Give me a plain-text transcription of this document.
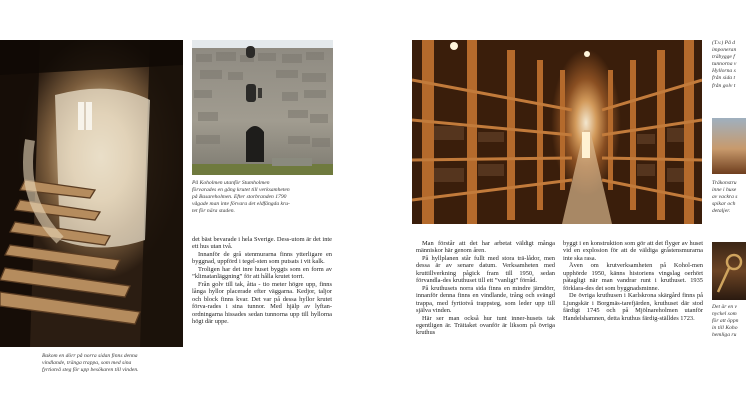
Bakom en dörr på norra sidan finns denna
vindlande, tränga trappa, som med sina
fyrtiotvå steg för upp besökaren till vinden.
På Koholmen utanför Stumholmen
förvarades en gång krutet till verksamheten
på Basareholmen. Efter storbranden 1790
vågade man inte förvara det eldfängda kru-
tet för nära staden.
(T.v.) På d
imponeran
träbygge f
tunnorna v
Hyllorna s
från sida t
från golv t
Träkonstru
inne i huse
av vackra s
spikar och
detaljer.
Det är en v
nyckel som
för att öppn
in till Koho
hemliga ru

det bäst bevarade i hela Sverige. Dess-utom är det inte ett hus utan två.

Innanför de grå stenmurarna finns ytterligare en byggnad, uppförd i tegel-sten som putsats i vit kalk.

Troligen har det inre huset byggts som en form av ”klimatanläggning” för att hålla krutet torrt.

Från golv till tak, åtta - tio meter högre upp, finns långa hyllor placerade efter väggarna. Kedjor, taljor och block finns kvar. Det var på dessa hyllor krutet förva-rades i sina tunnor. Med hjälp av lyftan-ordningarna hissades sedan tunnorna upp till hyllorna högt där uppe.

Man förstår att det har arbetat väldigt många människor här genom åren.

På hyllplanen står fullt med stora trä-lådor, men dessa är av senare datum. Verksamheten med kruttillverkning pågick fram till 1950, sedan förvandla-des kruthuset till ett ”vanligt” förråd.

På kruthusets norra sida finns en mindre järndörr, innanför denna finns en vindlande, trång och svängd trappa, med fyrtiotvå trappsteg, som leder upp till själva vinden.

Här ser man också hur tunt inner-husets tak egentligen är. Träitaket ovanför är liksom på övriga kruthus

byggt i en konstruktion som gör att det flyger av huset vid en explosion för att de väldiga gråstensmurarna inte ska rasa.

Även om krutverksamheten på Kohol-men upphörde 1950, känns historiens vingslag oerhört påtagligt när man vandrar runt i kruthuset. 1935 förklara-des det som byggnadsminne.

De övriga kruthusen i Karlskrona skärgård finns på Ljungskär i Borgmäs-tarefjärden, kruthuset där stod färdigt 1745 och på Mjölnareholmen utanför Handelshamnen, detta kruthus färdig-ställdes 1723.
